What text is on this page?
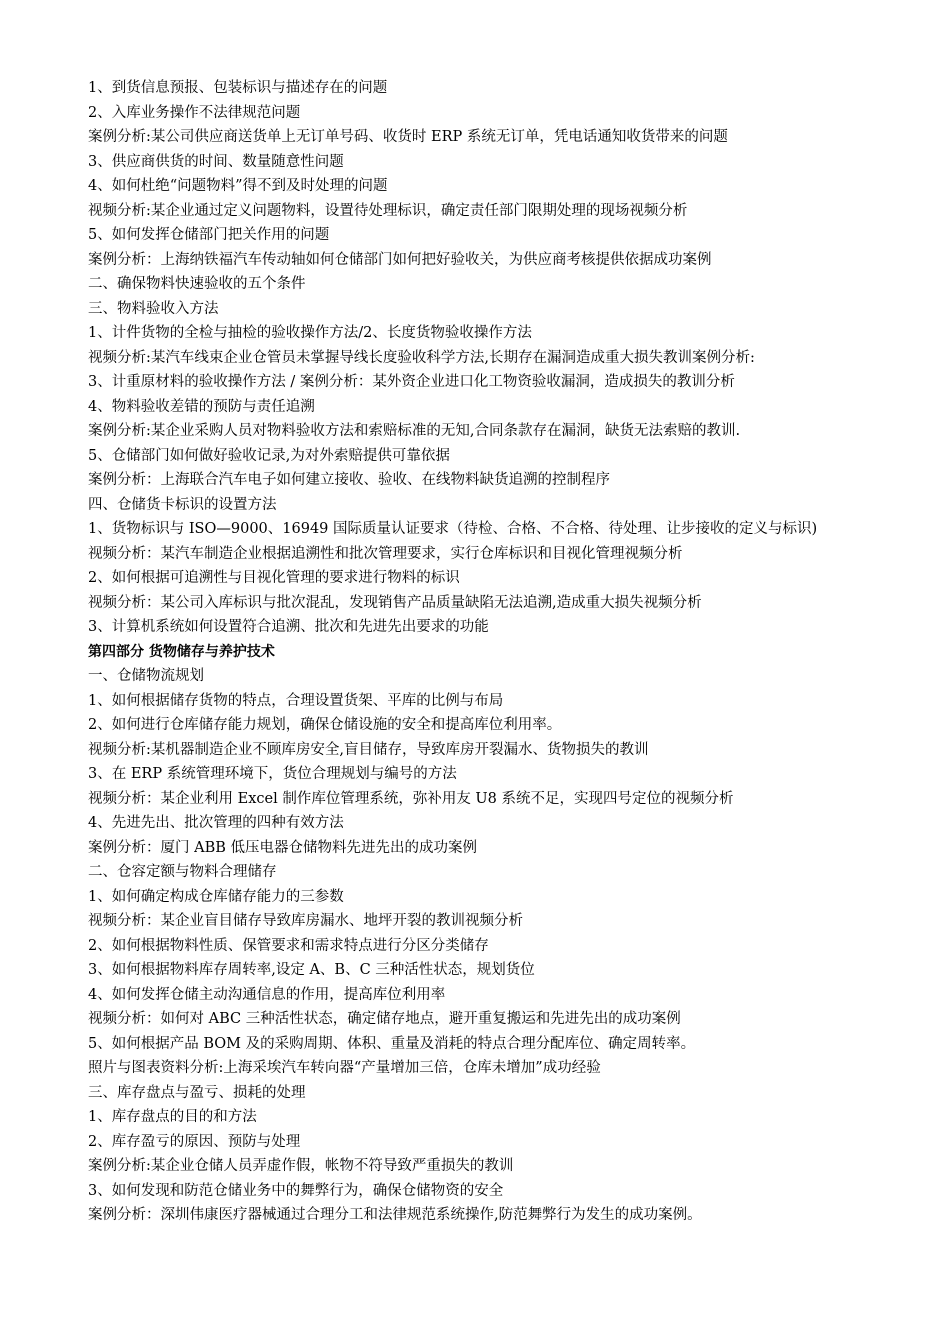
1、到货信息预报、包装标识与描述存在的问题
2、入库业务操作不法律规范问题
案例分析:某公司供应商送货单上无订单号码、收货时 ERP 系统无订单，凭电话通知收货带来的问题
3、供应商供货的时间、数量随意性问题
4、如何杜绝“问题物料”得不到及时处理的问题
视频分析:某企业通过定义问题物料，设置待处理标识，确定责任部门限期处理的现场视频分析
5、如何发挥仓储部门把关作用的问题
案例分析：上海纳铁福汽车传动轴如何仓储部门如何把好验收关，为供应商考核提供依据成功案例
二、确保物料快速验收的五个条件
三、物料验收入方法
1、计件货物的全检与抽检的验收操作方法/2、长度货物验收操作方法
视频分析:某汽车线束企业仓管员未掌握导线长度验收科学方法,长期存在漏洞造成重大损失教训案例分析:
3、计重原材料的验收操作方法 / 案例分析：某外资企业进口化工物资验收漏洞，造成损失的教训分析
4、物料验收差错的预防与责任追溯
案例分析:某企业采购人员对物料验收方法和索赔标准的无知,合同条款存在漏洞，缺货无法索赔的教训.
5、仓储部门如何做好验收记录,为对外索赔提供可靠依据
案例分析：上海联合汽车电子如何建立接收、验收、在线物料缺货追溯的控制程序
四、仓储货卡标识的设置方法
1、货物标识与 ISO—9000、16949 国际质量认证要求（待检、合格、不合格、待处理、让步接收的定义与标识)
视频分析：某汽车制造企业根据追溯性和批次管理要求，实行仓库标识和目视化管理视频分析
2、如何根据可追溯性与目视化管理的要求进行物料的标识
视频分析：某公司入库标识与批次混乱，发现销售产品质量缺陷无法追溯,造成重大损失视频分析
3、计算机系统如何设置符合追溯、批次和先进先出要求的功能
第四部分 货物储存与养护技术
一、仓储物流规划
1、如何根据储存货物的特点，合理设置货架、平库的比例与布局
2、如何进行仓库储存能力规划，确保仓储设施的安全和提高库位利用率。
视频分析:某机器制造企业不顾库房安全,盲目储存，导致库房开裂漏水、货物损失的教训
3、在 ERP 系统管理环境下，货位合理规划与编号的方法
视频分析：某企业利用 Excel 制作库位管理系统，弥补用友 U8 系统不足，实现四号定位的视频分析
4、先进先出、批次管理的四种有效方法
案例分析：厦门 ABB 低压电器仓储物料先进先出的成功案例
二、仓容定额与物料合理储存
1、如何确定构成仓库储存能力的三参数
视频分析：某企业盲目储存导致库房漏水、地坪开裂的教训视频分析
2、如何根据物料性质、保管要求和需求特点进行分区分类储存
3、如何根据物料库存周转率,设定 A、B、C 三种活性状态，规划货位
4、如何发挥仓储主动沟通信息的作用，提高库位利用率
视频分析：如何对 ABC 三种活性状态，确定储存地点，避开重复搬运和先进先出的成功案例
5、如何根据产品 BOM 及的采购周期、体积、重量及消耗的特点合理分配库位、确定周转率。
照片与图表资料分析:上海采埃汽车转向器“产量增加三倍，仓库未增加”成功经验
三、库存盘点与盈亏、损耗的处理
1、库存盘点的目的和方法
2、库存盈亏的原因、预防与处理
案例分析:某企业仓储人员弄虚作假，帐物不符导致严重损失的教训
3、如何发现和防范仓储业务中的舞弊行为，确保仓储物资的安全
案例分析：深圳伟康医疗器械通过合理分工和法律规范系统操作,防范舞弊行为发生的成功案例。
